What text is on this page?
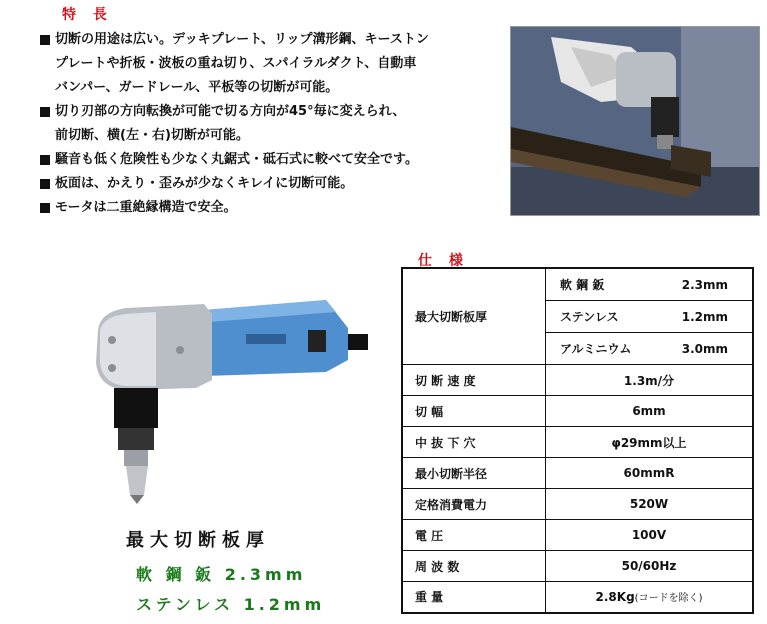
特 長
切断の用途は広い。デッキプレート、リップ溝形鋼、キーストン
プレートや折板・波板の重ね切り、スパイラルダクト、自動車
バンパー、ガードレール、平板等の切断が可能。
切り刃部の方向転換が可能で切る方向が45°毎に変えられ、
前切断、横(左・右)切断が可能。
騒音も低く危険性も少なく丸鋸式・砥石式に較べて安全です。
板面は、かえり・歪みが少なくキレイに切断可能。
モータは二重絶縁構造で安全。
仕 様
最大切断板厚	
軟 鋼 鈑	2.3mm
ステンレス	1.2mm
アルミニウム	3.0mm

切 断 速 度	1.3m/分
切 幅	6mm
中 抜 下 穴	φ29mm以上
最小切断半径	60mmR
定格消費電力	520W
電 圧	100V
周 波 数	50/60Hz
重 量	2.8Kg(コードを除く)
最大切断板厚
軟 鋼 鈑 2.3mm
ステンレス 1.2mm
